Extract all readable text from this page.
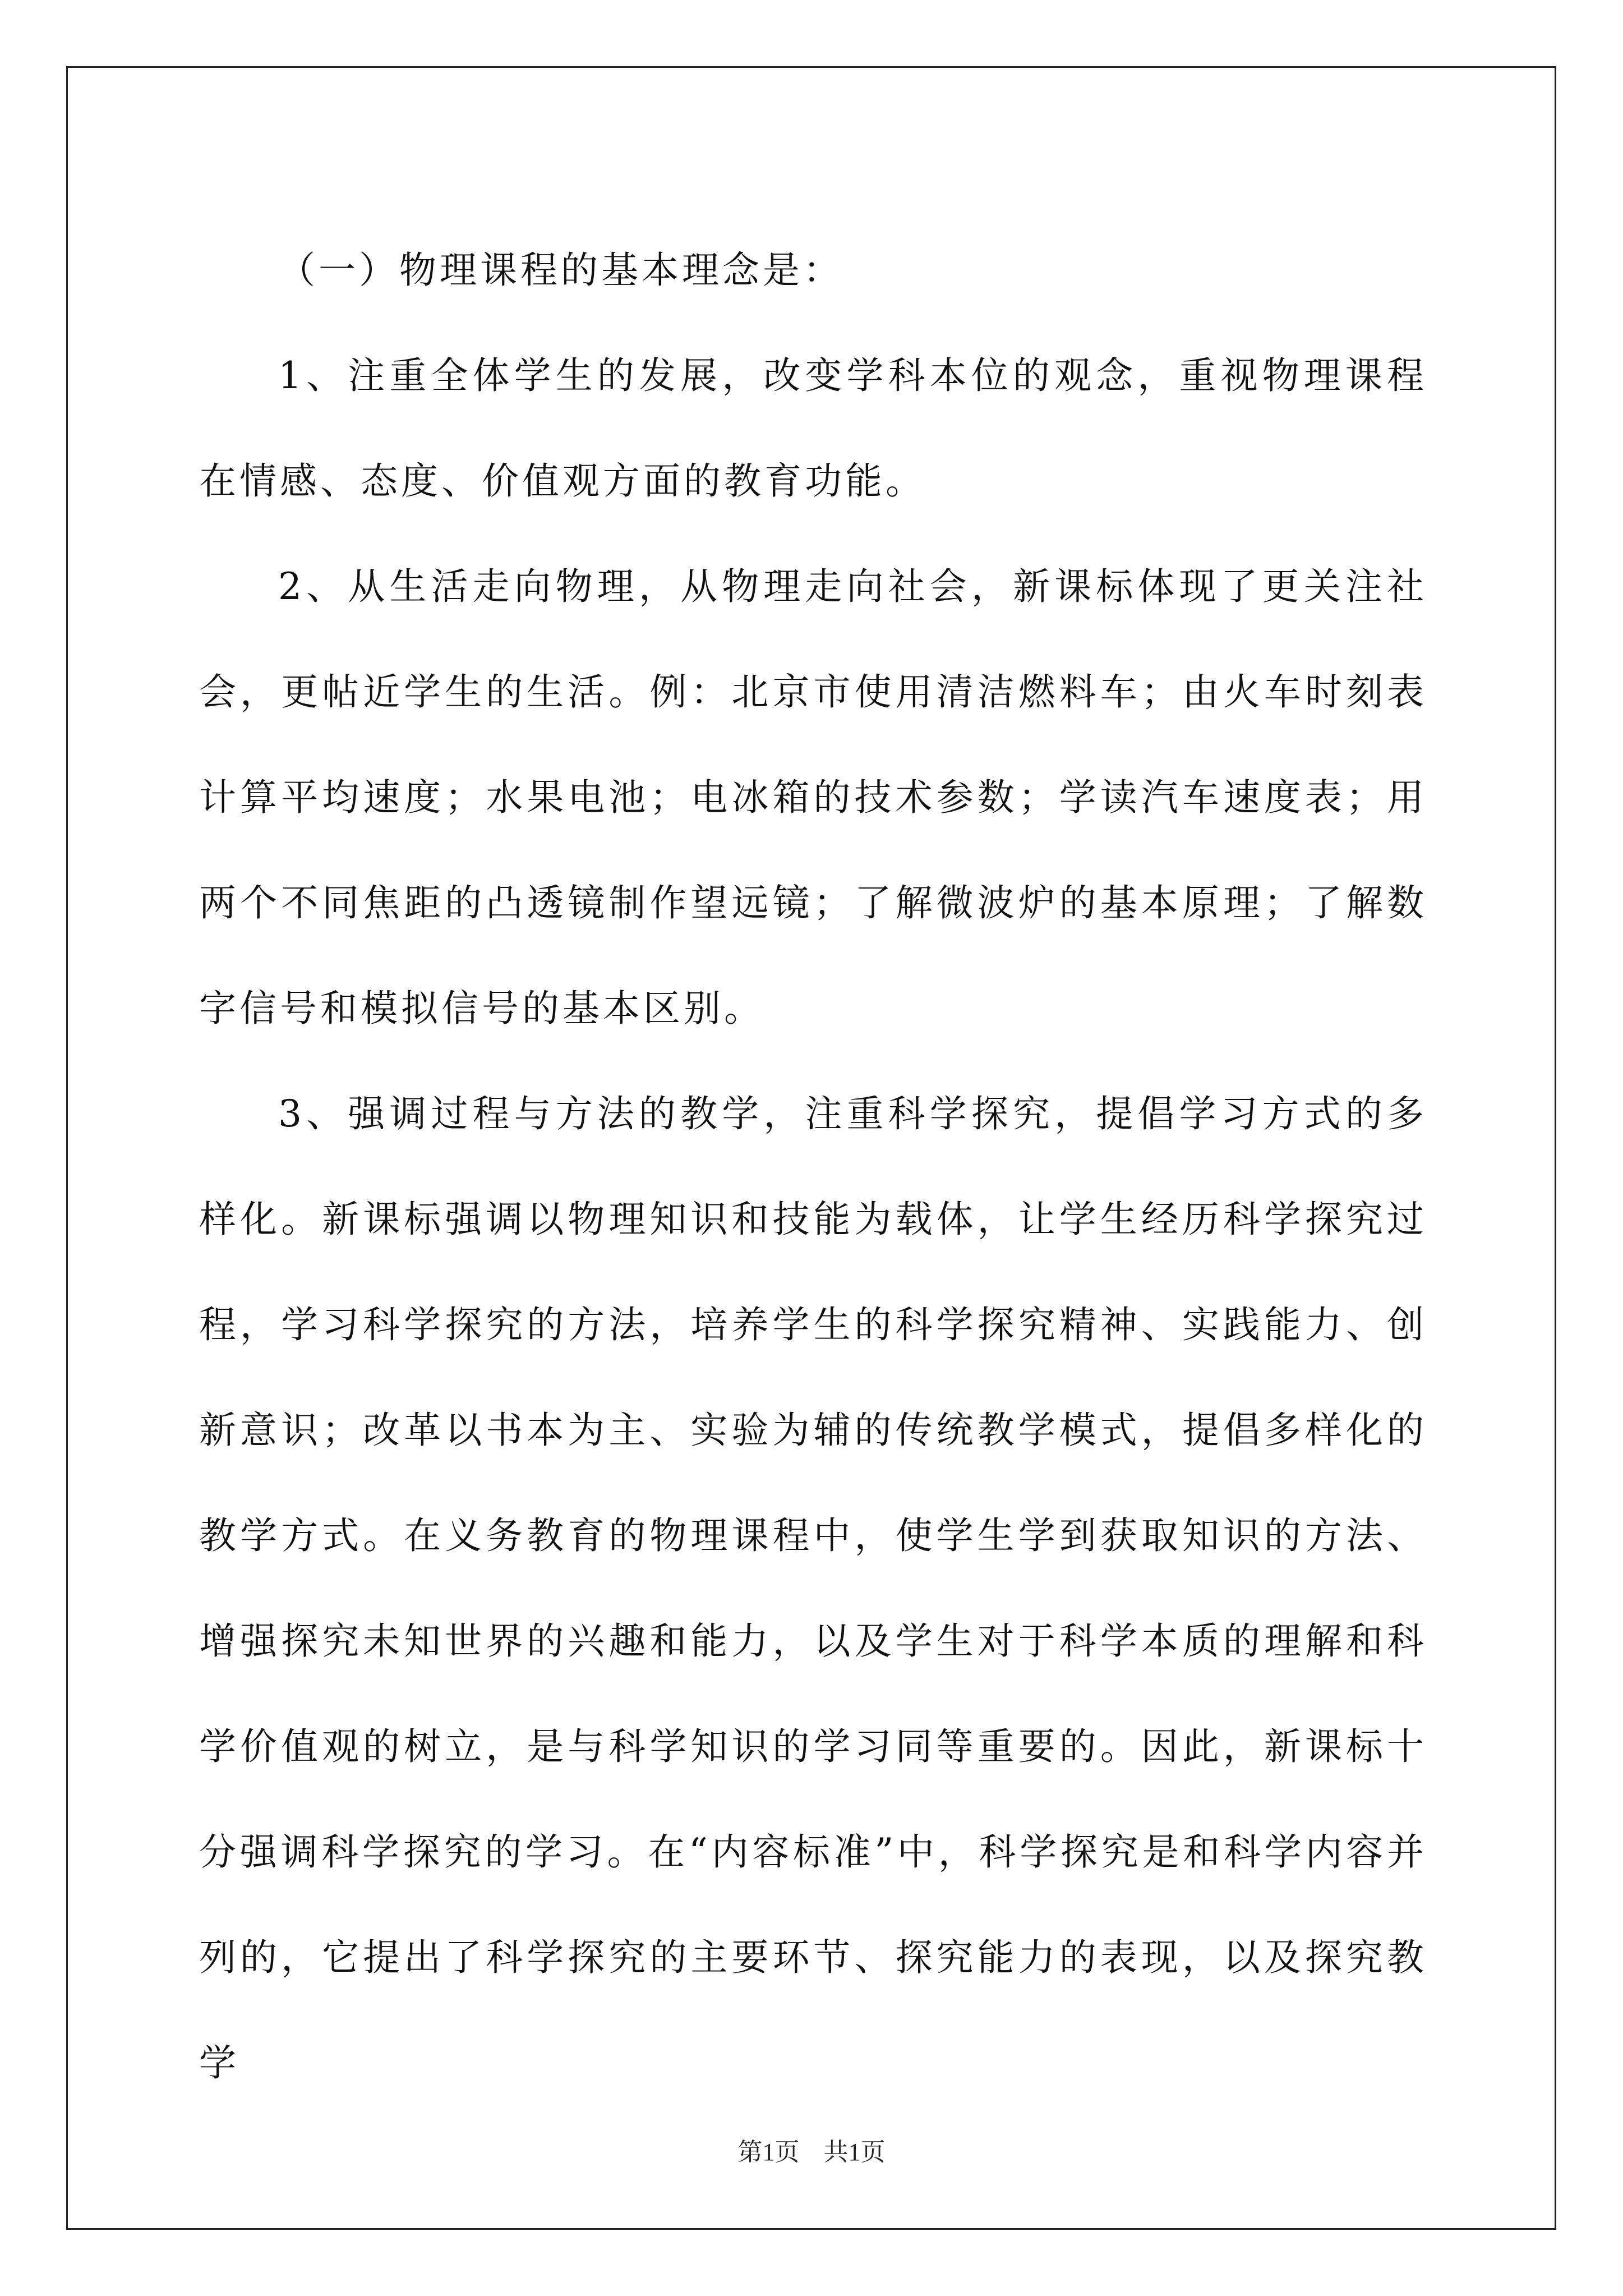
（一）物理课程的基本理念是：

1、注重全体学生的发展，改变学科本位的观念，重视物理课程在情感、态度、价值观方面的教育功能。

2、从生活走向物理，从物理走向社会，新课标体现了更关注社会，更帖近学生的生活。例：北京市使用清洁燃料车；由火车时刻表计算平均速度；水果电池；电冰箱的技术参数；学读汽车速度表；用两个不同焦距的凸透镜制作望远镜；了解微波炉的基本原理；了解数字信号和模拟信号的基本区别。

3、强调过程与方法的教学，注重科学探究，提倡学习方式的多样化。新课标强调以物理知识和技能为载体，让学生经历科学探究过程，学习科学探究的方法，培养学生的科学探究精神、实践能力、创新意识；改革以书本为主、实验为辅的传统教学模式，提倡多样化的教学方式。在义务教育的物理课程中，使学生学到获取知识的方法、增强探究未知世界的兴趣和能力，以及学生对于科学本质的理解和科学价值观的树立，是与科学知识的学习同等重要的。因此，新课标十分强调科学探究的学习。在“内容标准”中，科学探究是和科学内容并列的，它提出了科学探究的主要环节、探究能力的表现，以及探究教学

第1页 共1页
